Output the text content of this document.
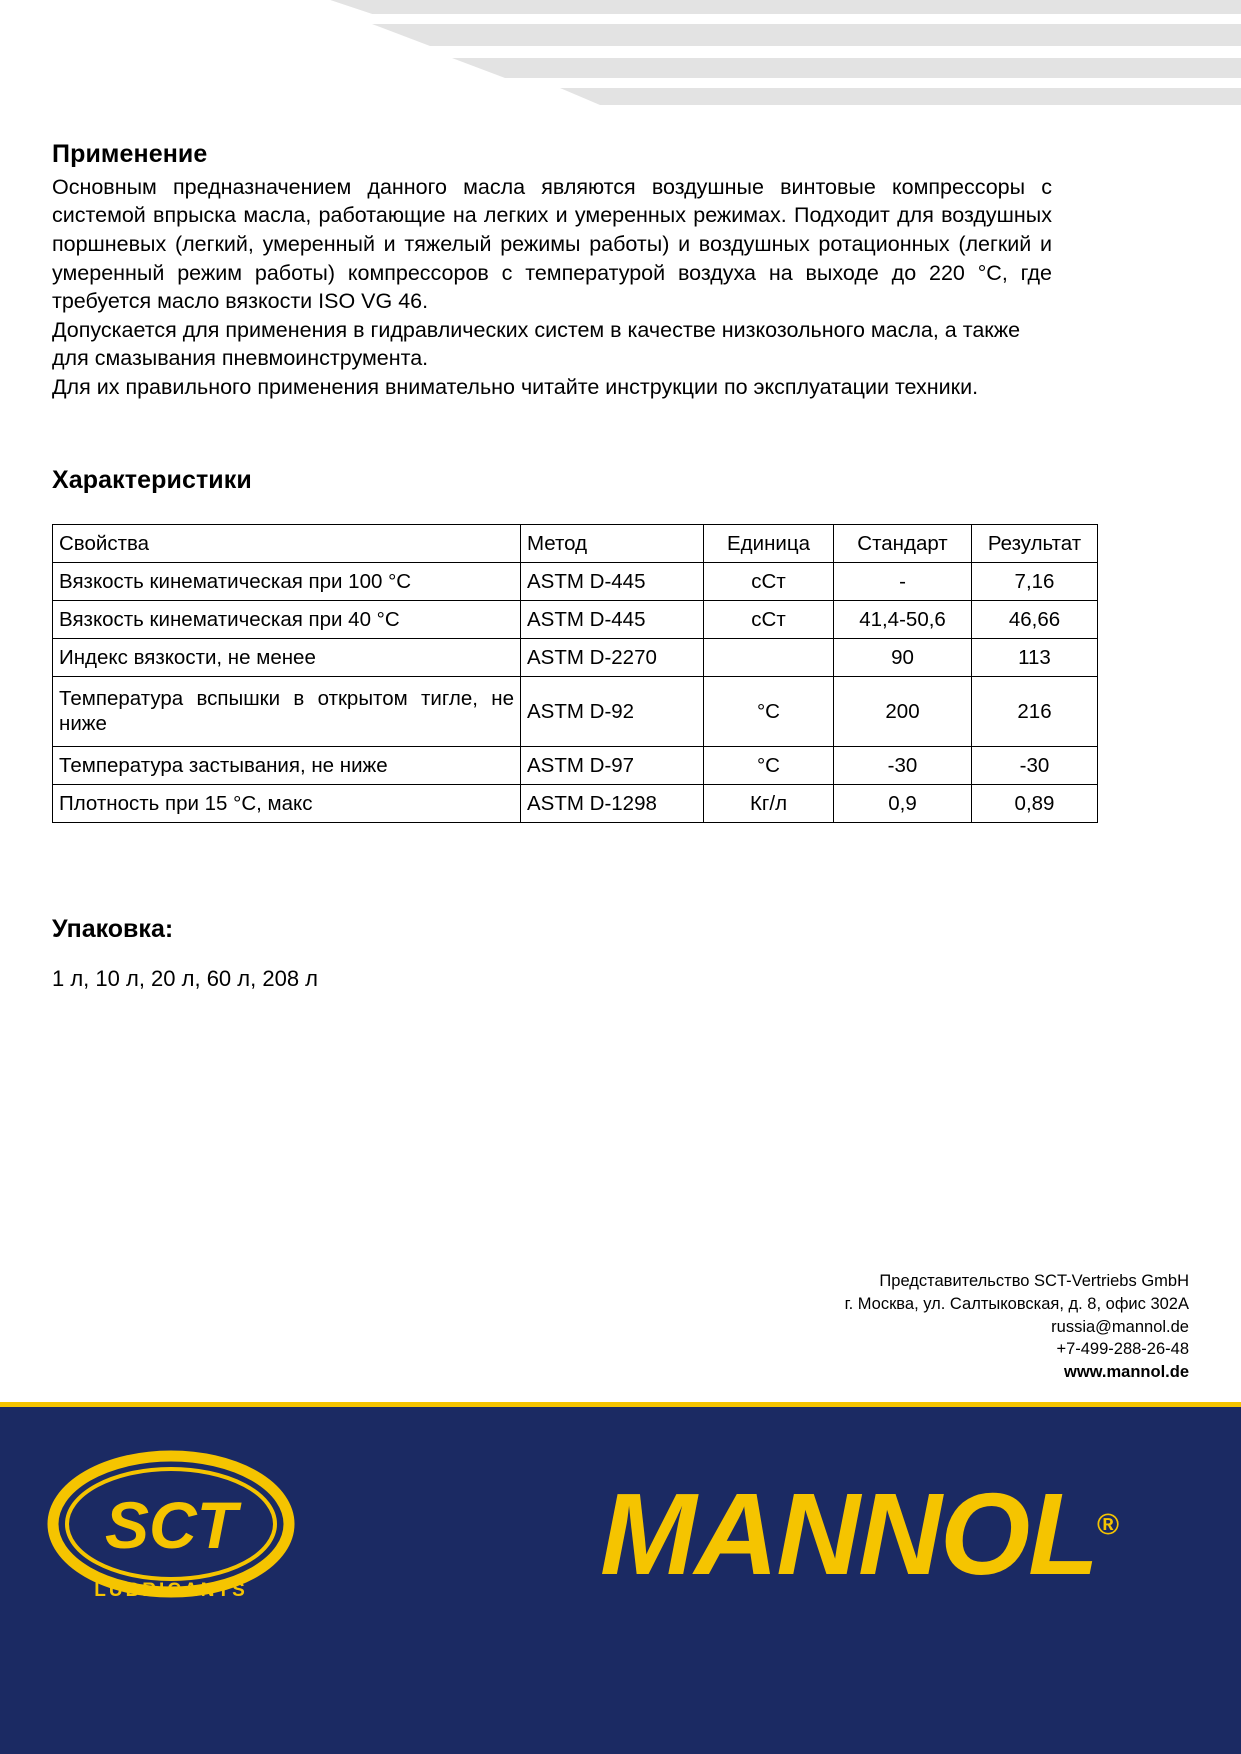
Применение

Основным предназначением данного масла являются воздушные винтовые компрессоры с системой впрыска масла, работающие на легких и умеренных режимах. Подходит для воздушных поршневых (легкий, умеренный и тяжелый режимы работы) и воздушных ротационных (легкий и умеренный режим работы) компрессоров с температурой воздуха на выходе до 220 °C, где требуется масло вязкости ISO VG 46.

Допускается для применения в гидравлических систем в качестве низкозольного масла, а также для смазывания пневмоинструмента.

Для их правильного применения внимательно читайте инструкции по эксплуатации техники.

Характеристики
Свойства	Метод	Единица	Стандарт	Результат
Вязкость кинематическая при 100 °C	ASTM D-445	cСт	-	7,16
Вязкость кинематическая при 40 °C	ASTM D-445	cСт	41,4-50,6	46,66
Индекс вязкости, не менее	ASTM D-2270		90	113
Температура вспышки в открытом тигле, не ниже	ASTM D-92	°C	200	216
Температура застывания, не ниже	ASTM D-97	°C	-30	-30
Плотность при 15 °C, макс	ASTM D-1298	Кг/л	0,9	0,89
Упаковка:

1 л, 10 л, 20 л, 60 л, 208 л

Представительство SCT-Vertriebs GmbH
г. Москва, ул. Салтыковская, д. 8, офис 302A
russia@mannol.de
+7-499-288-26-48
www.mannol.de
SCT
LUBRICANTS	MANNOL®
